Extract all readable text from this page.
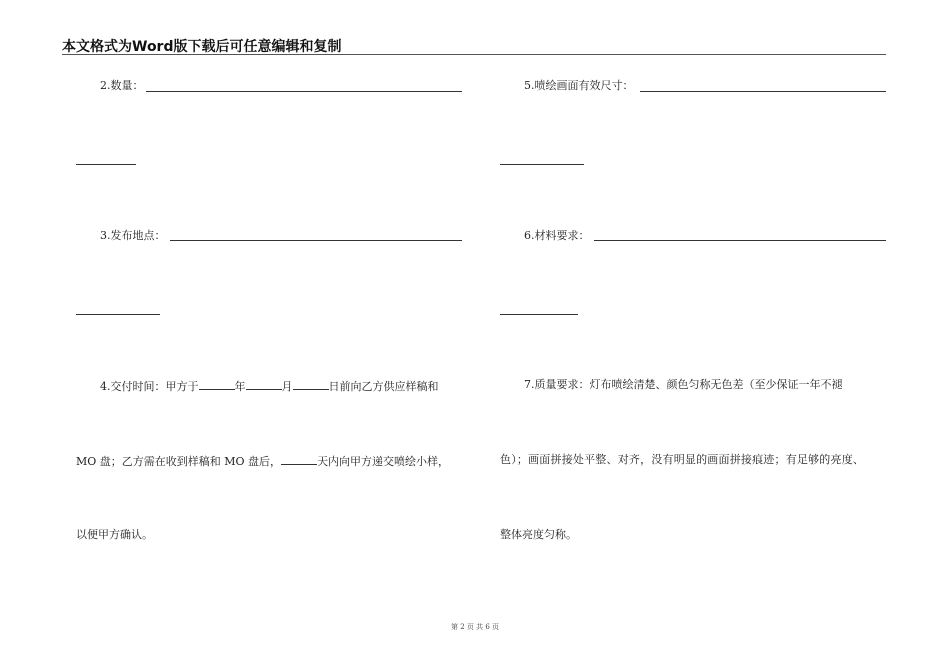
本文格式为Word版下载后可任意编辑和复制
2.数量：
3.发布地点：
4.交付时间：甲方于	年	月	日前向乙方供应样稿和
MO 盘；乙方需在收到样稿和 MO 盘后，	天内向甲方递交喷绘小样，
以便甲方确认。
5.喷绘画面有效尺寸：
6.材料要求：
7.质量要求：灯布喷绘清楚、颜色匀称无色差（至少保证一年不褪
色）；画面拼接处平整、对齐，没有明显的画面拼接痕迹；有足够的亮度、
整体亮度匀称。
第 2 页 共 6 页
